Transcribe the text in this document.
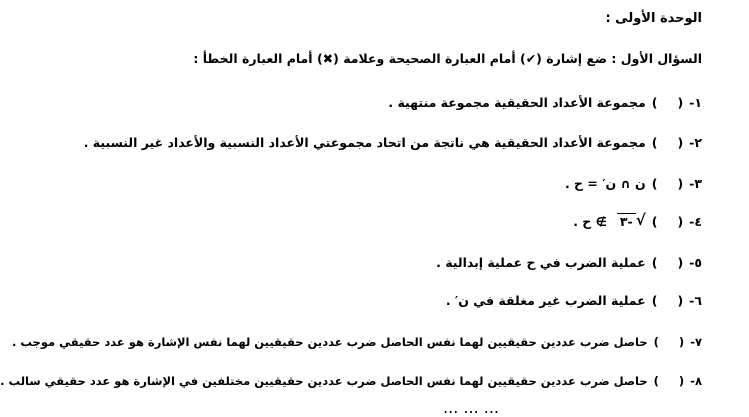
الوحدة الأولى :
السؤال الأول : ضع إشارة (✔) أمام العبارة الصحيحة وعلامة (✖) أمام العبارة الخطأ :
١-()مجموعة الأعداد الحقيقية مجموعة منتهية .
٢-()مجموعة الأعداد الحقيقية هي ناتجة من اتحاد مجموعتي الأعداد النسبية والأعداد غير النسبية .
٣-()ن ∩ ن′ = ح .
٤-()
√
٣-∌ ح .
٥-()عملية الضرب في ح عملية إبدالية .
٦-()عملية الضرب غير مغلقة في ن′ .
٧-()حاصل ضرب عددين حقيقيين لهما نفس الحاصل ضرب عددين حقيقيين لهما نفس الإشارة هو عدد حقيقي موجب .
٨-()حاصل ضرب عددين حقيقيين لهما نفس الحاصل ضرب عددين حقيقيين مختلفين في الإشارة هو عدد حقيقي سالب .
... ... ...
